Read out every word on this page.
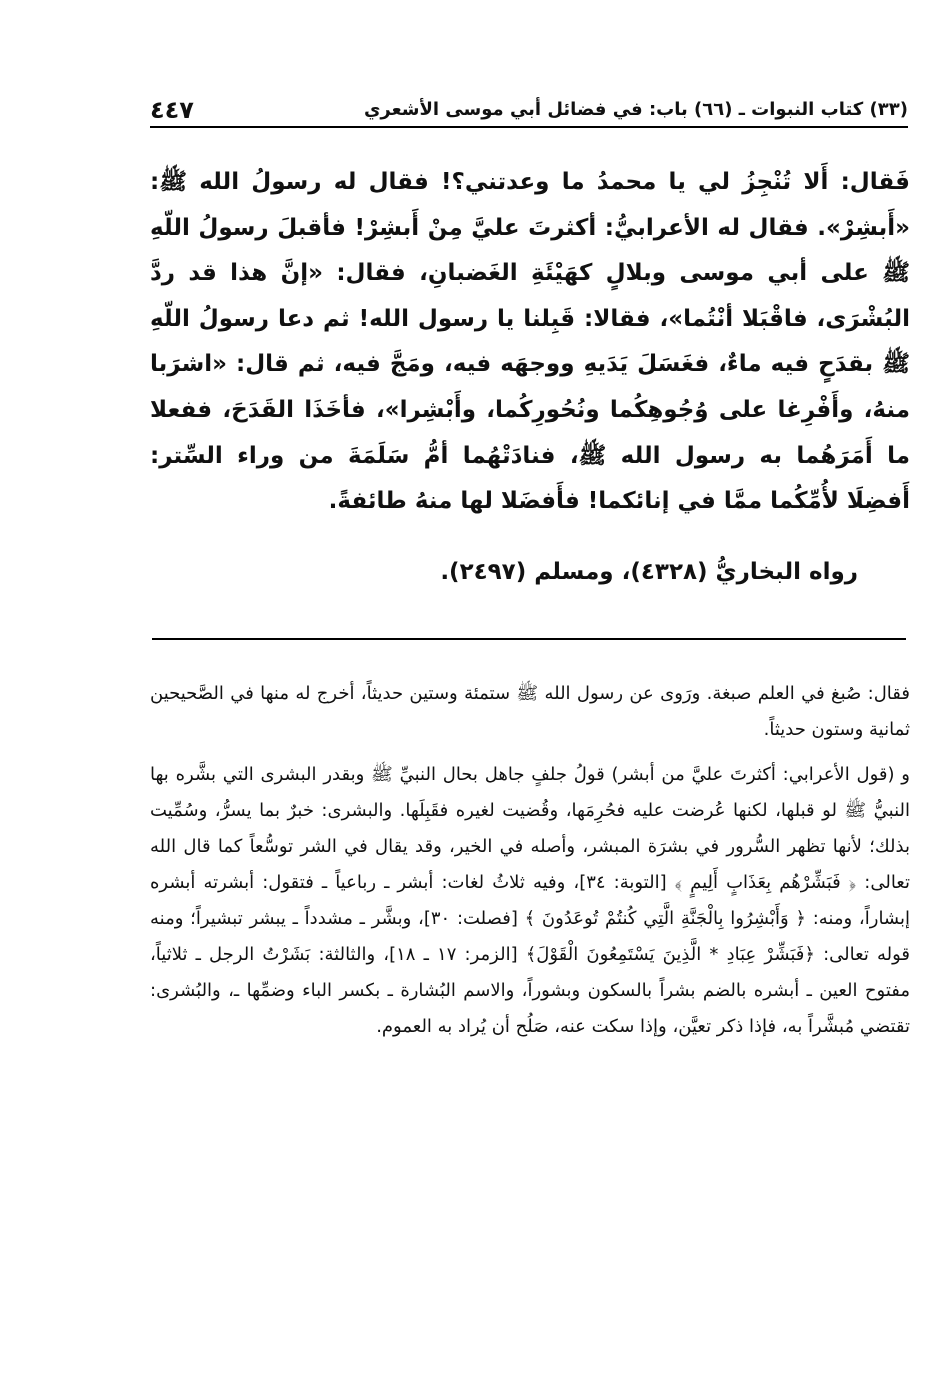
٤٤٧	(٣٣) كتاب النبوات ـ (٦٦) باب: في فضائل أبي موسى الأشعري

فَقال: أَلا تُنْجِزُ لي يا محمدُ ما وعدتني؟! فقال له رسولُ الله ﷺ: «أَبشِرْ». فقال له الأعرابيُّ: أكثرتَ عليَّ مِنْ أَبشِرْ! فأقبلَ رسولُ اللّهِ ﷺ على أبي موسى وبلالٍ كهَيْئَةِ الغَضبانِ، فقال: «إنَّ هذا قد ردَّ البُشْرَى، فاقْبَلا أنْتُما»، فقالا: قَبِلنا يا رسول الله! ثم دعا رسولُ اللّهِ ﷺ بقدَحٍ فيه ماءٌ، فغَسَلَ يَدَيهِ ووجهَه فيه، ومَجَّ فيه، ثم قال: «اشرَبا منهُ، وأَفْرِغا على وُجُوهِكُما ونُحُورِكُما، وأَبْشِرا»، فأخَذَا القَدَحَ، ففعلا ما أَمَرَهُما به رسول الله ﷺ، فنادَتْهُما أمُّ سَلَمَةَ من وراء السِّتر: أَفضِلَا لأُمِّكُما ممَّا في إنائكما! فأَفضَلا لها منهُ طائفةً.

رواه البخاريُّ (٤٣٢٨)، ومسلم (٢٤٩٧).

فقال: صُبغ في العلم صبغة. ورَوى عن رسول الله ﷺ ستمئة وستين حديثاً، أخرج له منها في الصَّحيحين ثمانية وستون حديثاً.

و (قول الأعرابي: أكثرتَ عليَّ من أبشر) قولُ جلفٍ جاهل بحال النبيِّ ﷺ وبقدر البشرى التي بشَّره بها النبيُّ ﷺ لو قبلها، لكنها عُرضت عليه فحُرِمَها، وقُضيت لغيره فقَبِلَها. والبشرى: خبرٌ بما يسرُّ، وسُمِّيت بذلك؛ لأنها تظهر السُّرور في بشرَة المبشر، وأصله في الخير، وقد يقال في الشر توسُّعاً كما قال الله تعالى: ﴿ فَبَشِّرْهُم بِعَذَابٍ أَلِيمٍ ﴾ [التوبة: ٣٤]، وفيه ثلاثُ لغات: أبشر ـ رباعياً ـ فتقول: أبشرته أبشره إبشاراً، ومنه: ﴿ وَأَبْشِرُوا بِالْجَنَّةِ الَّتِي كُنتُمْ تُوعَدُونَ ﴾ [فصلت: ٣٠]، وبشَّر ـ مشدداً ـ يبشر تبشيراً؛ ومنه قوله تعالى: ﴿فَبَشِّرْ عِبَادِ * الَّذِينَ يَسْتَمِعُونَ الْقَوْلَ﴾ [الزمر: ١٧ ـ ١٨]، والثالثة: بَشَرْتُ الرجل ـ ثلاثياً، مفتوح العين ـ أبشره بالضم بشراً بالسكون وبشوراً، والاسم البُشارة ـ بكسر الباء وضمِّها ـ، والبُشرى: تقتضي مُبشَّراً به، فإذا ذكر تعيَّن، وإذا سكت عنه، صَلُح أن يُراد به العموم.
